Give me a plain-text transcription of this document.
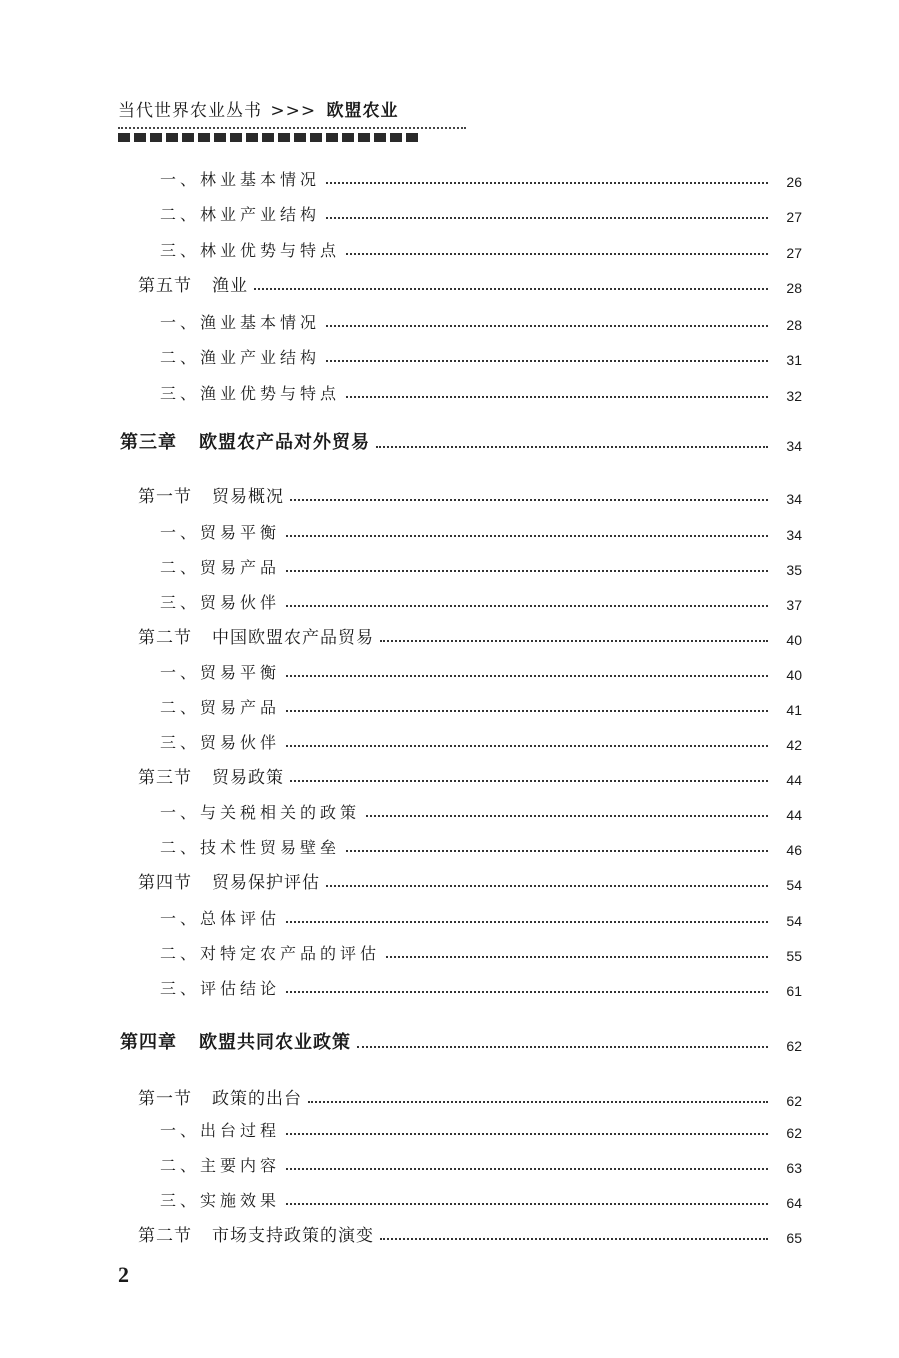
当代世界农业丛书 >>> 欧盟农业
一、林业基本情况	26
二、林业产业结构	27
三、林业优势与特点	27
第五节 渔业	28
一、渔业基本情况	28
二、渔业产业结构	31
三、渔业优势与特点	32
第三章 欧盟农产品对外贸易	34
第一节 贸易概况	34
一、贸易平衡	34
二、贸易产品	35
三、贸易伙伴	37
第二节 中国欧盟农产品贸易	40
一、贸易平衡	40
二、贸易产品	41
三、贸易伙伴	42
第三节 贸易政策	44
一、与关税相关的政策	44
二、技术性贸易壁垒	46
第四节 贸易保护评估	54
一、总体评估	54
二、对特定农产品的评估	55
三、评估结论	61
第四章 欧盟共同农业政策	62
第一节 政策的出台	62
一、出台过程	62
二、主要内容	63
三、实施效果	64
第二节 市场支持政策的演变	65
2
